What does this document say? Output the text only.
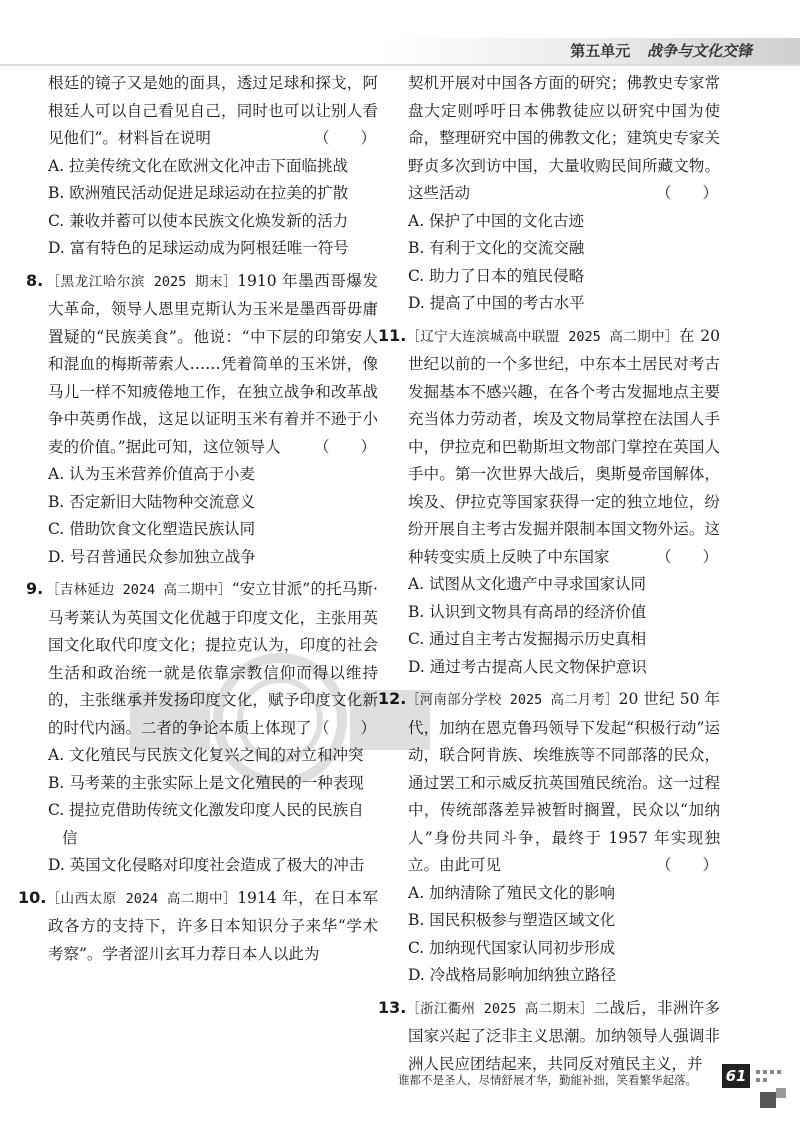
第五单元 战争与文化交锋

根廷的镜子又是她的面具，透过足球和探戈，阿根廷人可以自己看见自己，同时也可以让别人看见他们”。材料旨在说明	（　　）

A. 拉美传统文化在欧洲文化冲击下面临挑战

B. 欧洲殖民活动促进足球运动在拉美的扩散

C. 兼收并蓄可以使本民族文化焕发新的活力

D. 富有特色的足球运动成为阿根廷唯一符号

8. ［黑龙江哈尔滨 2025 期末］1910 年墨西哥爆发大革命，领导人恩里克斯认为玉米是墨西哥毋庸置疑的“民族美食”。他说：“中下层的印第安人和混血的梅斯蒂索人……凭着简单的玉米饼，像马儿一样不知疲倦地工作，在独立战争和改革战争中英勇作战，这足以证明玉米有着并不逊于小麦的价值。”据此可知，这位领导人 （　　）

A. 认为玉米营养价值高于小麦

B. 否定新旧大陆物种交流意义

C. 借助饮食文化塑造民族认同

D. 号召普通民众参加独立战争

9. ［吉林延边 2024 高二期中］“安立甘派”的托马斯·马考莱认为英国文化优越于印度文化，主张用英国文化取代印度文化；提拉克认为，印度的社会生活和政治统一就是依靠宗教信仰而得以维持的，主张继承并发扬印度文化，赋予印度文化新的时代内涵。二者的争论本质上体现了 （　　）

A. 文化殖民与民族文化复兴之间的对立和冲突

B. 马考莱的主张实际上是文化殖民的一种表现

C. 提拉克借助传统文化激发印度人民的民族自信

D. 英国文化侵略对印度社会造成了极大的冲击

10.［山西太原 2024 高二期中］1914 年，在日本军政各方的支持下，许多日本知识分子来华“学术考察”。学者涩川玄耳力荐日本人以此为

契机开展对中国各方面的研究；佛教史专家常盘大定则呼吁日本佛教徒应以研究中国为使命，整理研究中国的佛教文化；建筑史专家关野贞多次到访中国，大量收购民间所藏文物。这些活动	（　　）

A. 保护了中国的文化古迹

B. 有利于文化的交流交融

C. 助力了日本的殖民侵略

D. 提高了中国的考古水平

11.［辽宁大连滨城高中联盟 2025 高二期中］在 20 世纪以前的一个多世纪，中东本土居民对考古发掘基本不感兴趣，在各个考古发掘地点主要充当体力劳动者，埃及文物局掌控在法国人手中，伊拉克和巴勒斯坦文物部门掌控在英国人手中。第一次世界大战后，奥斯曼帝国解体，埃及、伊拉克等国家获得一定的独立地位，纷纷开展自主考古发掘并限制本国文物外运。这种转变实质上反映了中东国家	（　　）

A. 试图从文化遗产中寻求国家认同

B. 认识到文物具有高昂的经济价值

C. 通过自主考古发掘揭示历史真相

D. 通过考古提高人民文物保护意识

12.［河南部分学校 2025 高二月考］20 世纪 50 年代，加纳在恩克鲁玛领导下发起“积极行动”运动，联合阿肯族、埃维族等不同部落的民众，通过罢工和示威反抗英国殖民统治。这一过程中，传统部落差异被暂时搁置，民众以“加纳人”身份共同斗争，最终于 1957 年实现独立。由此可见	（　　）

A. 加纳清除了殖民文化的影响

B. 国民积极参与塑造区域文化

C. 加纳现代国家认同初步形成

D. 冷战格局影响加纳独立路径

13.［浙江衢州 2025 高二期末］二战后，非洲许多国家兴起了泛非主义思潮。加纳领导人强调非洲人民应团结起来，共同反对殖民主义，并

谁都不是圣人，尽情舒展才华，勤能补拙，笑看繁华起落。 61
